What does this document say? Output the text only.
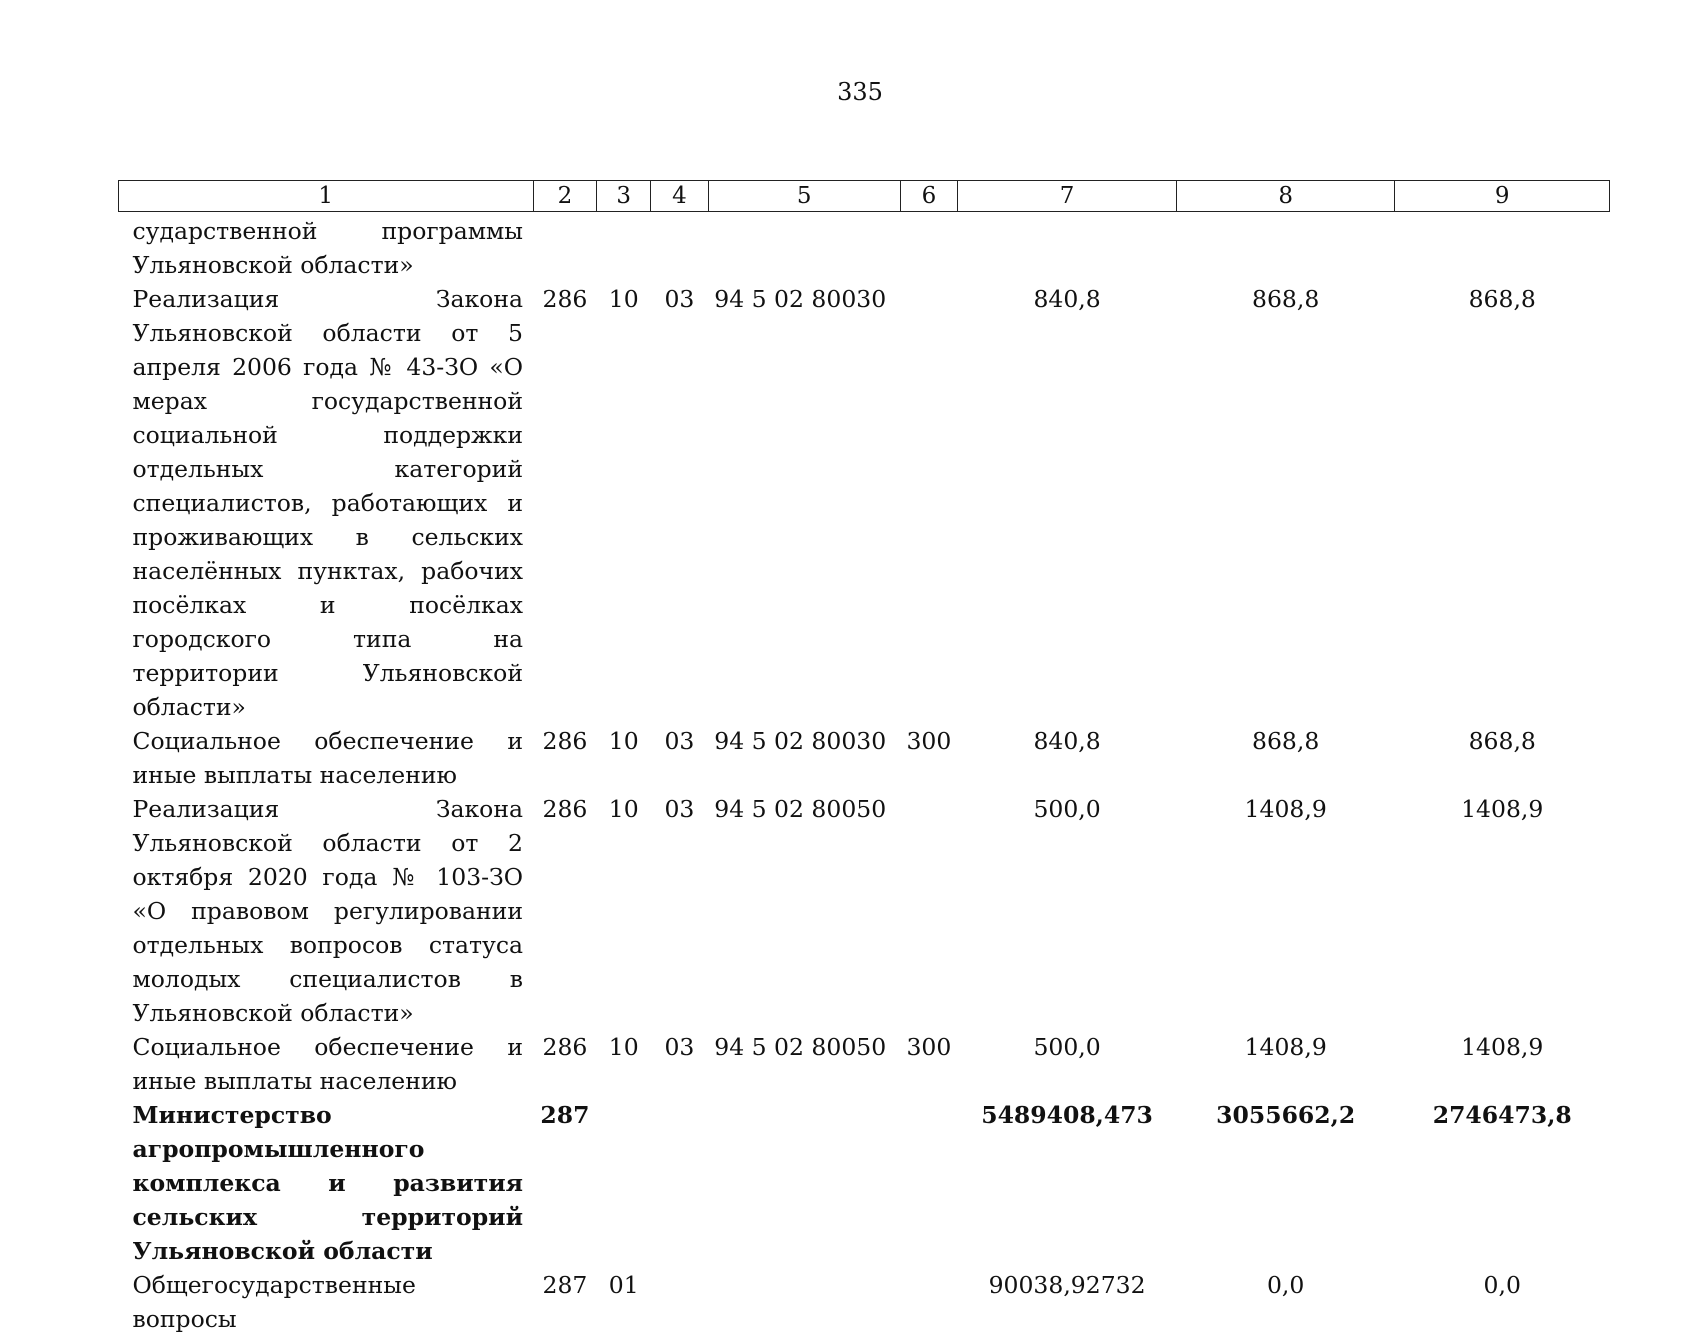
335
1	2	3	4	5	6	7	8	9
сударственной программы Ульяновской области»								
Реализация Закона Ульяновской области от 5 апреля 2006 года № 43-ЗО «О мерах государственной социальной поддержки отдельных категорий специалистов, работающих и проживающих в сельских населённых пунктах, рабочих посёлках и посёлках городского типа на территории Ульяновской области»	286	10	03	94 5 02 80030		840,8	868,8	868,8
Социальное обеспечение и иные выплаты населению	286	10	03	94 5 02 80030	300	840,8	868,8	868,8
Реализация Закона Ульяновской области от 2 октября 2020 года № 103-ЗО «О правовом регулировании отдельных вопросов статуса молодых специалистов в Ульяновской области»	286	10	03	94 5 02 80050		500,0	1408,9	1408,9
Социальное обеспечение и иные выплаты населению	286	10	03	94 5 02 80050	300	500,0	1408,9	1408,9
Министерство агропромышленного комплекса и развития сельских территорий Ульяновской области	287					5489408,473	3055662,2	2746473,8
Общегосударственные вопросы	287	01				90038,92732	0,0	0,0
